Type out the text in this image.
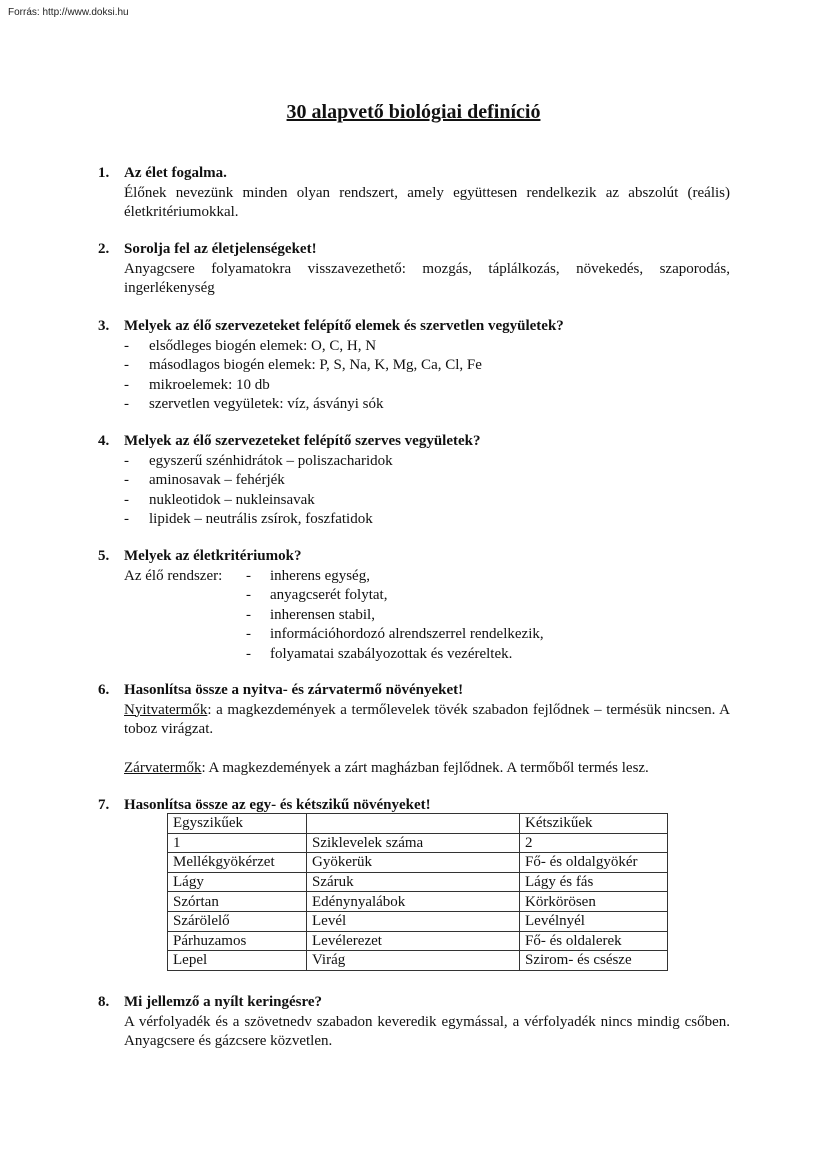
Forrás: http://www.doksi.hu
30 alapvető biológiai definíció
1. Az élet fogalma.
Élőnek nevezünk minden olyan rendszert, amely együttesen rendelkezik az abszolút (reális) életkritériumokkal.
2. Sorolja fel az életjelenségeket!
Anyagcsere folyamatokra visszavezethető: mozgás, táplálkozás, növekedés, szaporodás, ingerlékenység
3. Melyek az élő szervezeteket felépítő elemek és szervetlen vegyületek?
- elsődleges biogén elemek: O, C, H, N
- másodlagos biogén elemek: P, S, Na, K, Mg, Ca, Cl, Fe
- mikroelemek: 10 db
- szervetlen vegyületek: víz, ásványi sók
4. Melyek az élő szervezeteket felépítő szerves vegyületek?
- egyszerű szénhidrátok – poliszacharidok
- aminosavak – fehérjék
- nukleotidok – nukleinsavak
- lipidek – neutrális zsírok, foszfatidok
5. Melyek az életkritériumok?
Az élő rendszer: - inherens egység,
- anyagcserét folytat,
- inherensen stabil,
- információhordozó alrendszerrel rendelkezik,
- folyamatai szabályozottak és vezéreltek.
6. Hasonlítsa össze a nyitva- és zárvatermő növényeket!
Nyitvatermők: a magkezdemények a termőlevelek tövék szabadon fejlődnek – termésük nincsen. A toboz virágzat.
Zárvatermők: A magkezdemények a zárt magházban fejlődnek. A termőből termés lesz.
7. Hasonlítsa össze az egy- és kétszikű növényeket!
Egyszikűek		Kétszikűek
1	Sziklevelek száma	2
Mellékgyökérzet	Gyökerük	Fő- és oldalgyökér
Lágy	Száruk	Lágy és fás
Szórtan	Edénynyalábok	Körkörösen
Szárölelő	Levél	Levélnyél
Párhuzamos	Levélerezet	Fő- és oldalerek
Lepel	Virág	Szirom- és csésze
8. Mi jellemző a nyílt keringésre?
A vérfolyadék és a szövetnedv szabadon keveredik egymással, a vérfolyadék nincs mindig csőben. Anyagcsere és gázcsere közvetlen.
